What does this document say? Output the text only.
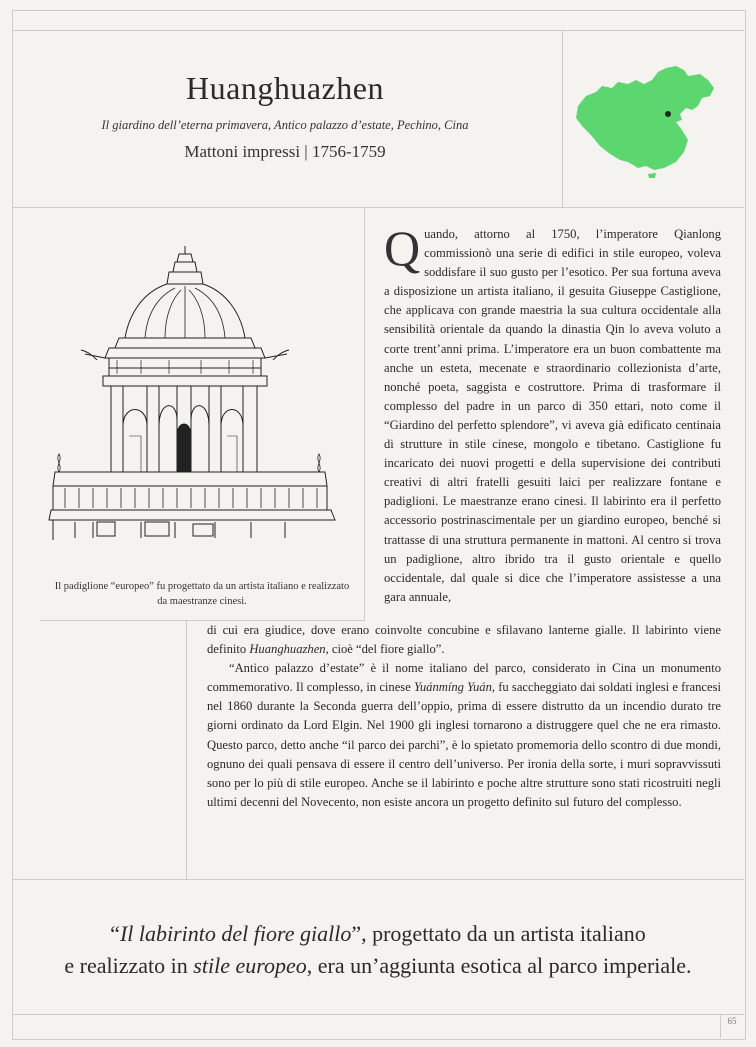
Huanghuazhen
Il giardino dell’eterna primavera, Antico palazzo d’estate, Pechino, Cina
Mattoni impressi | 1756-1759
Il padiglione “europeo” fu progettato da un artista italiano e realizzato da maestranze cinesi.
Quando, attorno al 1750, l’imperatore Qianlong commissionò una serie di edifici in stile europeo, voleva soddisfare il suo gusto per l’esotico. Per sua fortuna aveva a disposizione un artista italiano, il gesuita Giuseppe Castiglione, che applicava con grande maestria la sua cultura occidentale alla sensibilità orientale da quando la dinastia Qin lo aveva voluto a corte trent’anni prima. L’imperatore era un buon combattente ma anche un esteta, mecenate e straordinario collezionista d’arte, nonché poeta, saggista e costruttore. Prima di trasformare il complesso del padre in un parco di 350 ettari, noto come il “Giardino del perfetto splendore”, vi aveva già edificato centinaia di strutture in stile cinese, mongolo e tibetano. Castiglione fu incaricato dei nuovi progetti e della supervisione dei contributi creativi di altri fratelli gesuiti laici per realizzare fontane e padiglioni. Le maestranze erano cinesi. Il labirinto era il perfetto accessorio postrinascimentale per un giardino europeo, benché si trattasse di una struttura permanente in mattoni. Al centro si trova un padiglione, altro ibrido tra il gusto orientale e quello occidentale, dal quale si dice che l’imperatore assistesse a una gara annuale,

di cui era giudice, dove erano coinvolte concubine e sfilavano lanterne gialle. Il labirinto viene definito Huanghuazhen, cioè “del fiore giallo”.

“Antico palazzo d’estate” è il nome italiano del parco, considerato in Cina un monumento commemorativo. Il complesso, in cinese Yuánmíng Yuán, fu saccheggiato dai soldati inglesi e francesi nel 1860 durante la Seconda guerra dell’oppio, prima di essere distrutto da un incendio durato tre giorni ordinato da Lord Elgin. Nel 1900 gli inglesi tornarono a distruggere quel che ne era rimasto. Questo parco, detto anche “il parco dei parchi”, è lo spietato promemoria dello scontro di due mondi, ognuno dei quali pensava di essere il centro dell’universo. Per ironia della sorte, i muri sopravvissuti sono per lo più di stile europeo. Anche se il labirinto e poche altre strutture sono stati ricostruiti negli ultimi decenni del Novecento, non esiste ancora un progetto definito sul futuro del complesso.

“Il labirinto del fiore giallo”, progettato da un artista italiano
e realizzato in stile europeo, era un’aggiunta esotica al parco imperiale.
65
